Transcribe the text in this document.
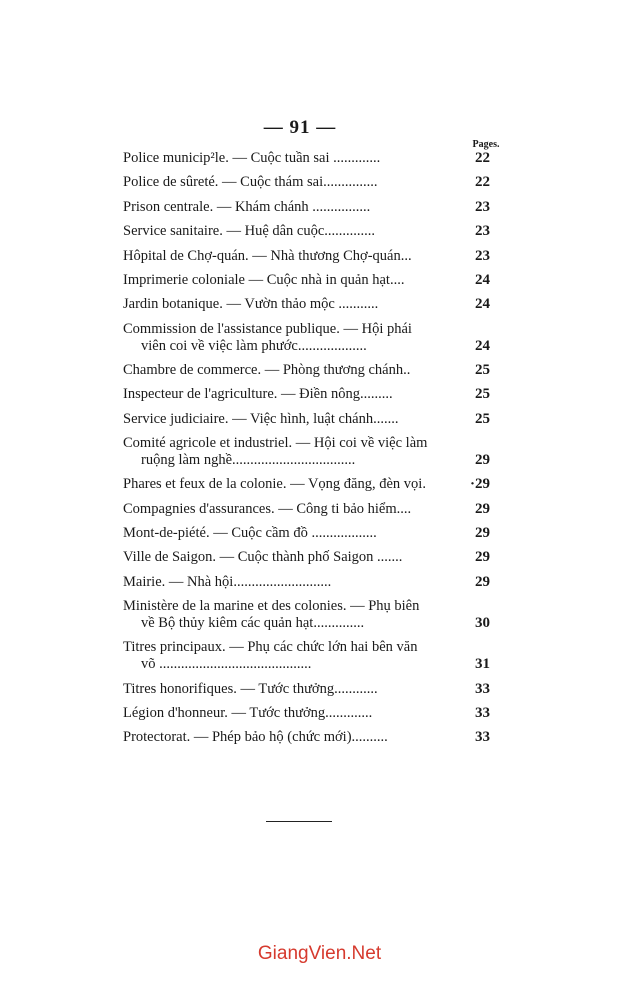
— 91 —
Pages.
Police municip²le. — Cuộc tuần sai .............	22
Police de sûreté. — Cuộc thám sai...............	22
Prison centrale. — Khám chánh ................	23
Service sanitaire. — Huệ dân cuộc..............	23
Hôpital de Chợ-quán. — Nhà thương Chợ-quán...	23
Imprimerie coloniale — Cuộc nhà in quản hạt....	24
Jardin botanique. — Vườn thảo mộc ...........	24
Commission de l'assistance publique. — Hội phái
viên coi về việc làm phước...................	24
Chambre de commerce. — Phòng thương chánh..	25
Inspecteur de l'agriculture. — Điền nông.........	25
Service judiciaire. — Việc hình, luật chánh.......	25
Comité agricole et industriel. — Hội coi về việc làm
ruộng làm nghề..................................	29
Phares et feux de la colonie. — Vọng đăng, đèn vọi.	·29
Compagnies d'assurances. — Công ti bảo hiểm....	29
Mont-de-piété. — Cuộc cầm đồ ..................	29
Ville de Saigon. — Cuộc thành phố Saigon .......	29
Mairie. — Nhà hội...........................	29
Ministère de la marine et des colonies. — Phụ biên
về Bộ thủy kiêm các quản hạt..............	30
Titres principaux. — Phụ các chức lớn hai bên văn
võ ..........................................	31
Titres honorifiques. — Tước thưởng............	33
Légion d'honneur. — Tước thưởng.............	33
Protectorat. — Phép bảo hộ (chức mới)..........	33
GiangVien.Net
